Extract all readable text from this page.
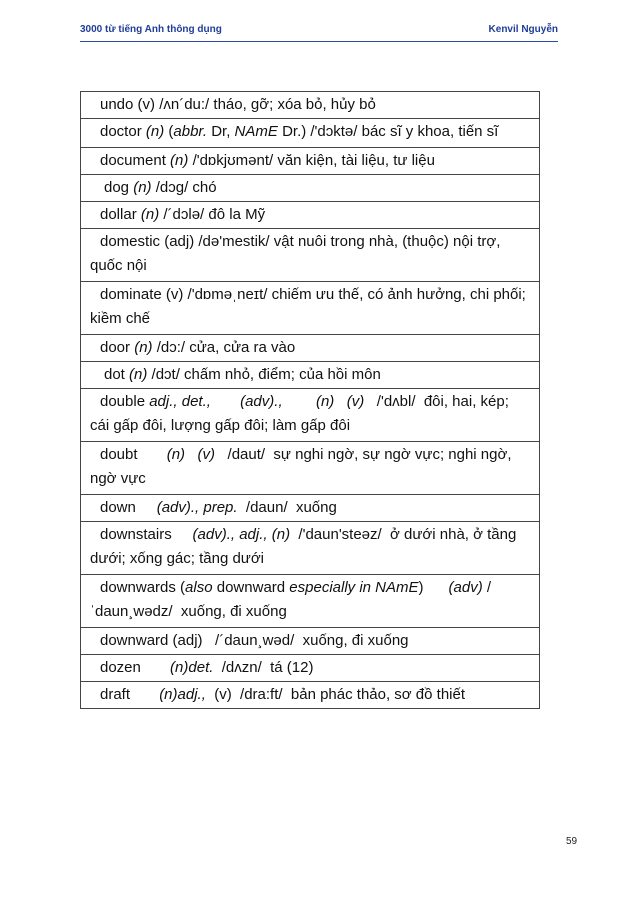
3000 từ tiếng Anh thông dụng	Kenvil Nguyễn
undo (v) /ʌn´du:/ tháo, gỡ; xóa bỏ, hủy bỏ
doctor (n) (abbr. Dr, NAmE Dr.) /'dɔktə/ bác sĩ y khoa, tiến sĩ
document (n) /'dɒkjʊmənt/ văn kiện, tài liệu, tư liệu
dog (n) /dɔg/ chó
dollar (n) /´dɔlə/ đô la Mỹ
domestic (adj) /də'mestik/ vật nuôi trong nhà, (thuộc) nội trợ, quốc nội
dominate (v) /'dɒməˌneɪt/ chiếm ưu thế, có ảnh hưởng, chi phối; kiềm chế
door (n) /dɔ:/ cửa, cửa ra vào
dot (n) /dɔt/ chấm nhỏ, điểm; của hồi môn
double adj., det.,       (adv).,        (n)   (v)   /'dʌbl/  đôi, hai, kép; cái gấp đôi, lượng gấp đôi; làm gấp đôi
doubt       (n)   (v)   /daut/  sự nghi ngờ, sự ngờ vực; nghi ngờ, ngờ vực
down     (adv)., prep.  /daun/  xuống
downstairs     (adv)., adj., (n)  /'daun'steəz/  ở dưới nhà, ở tầng dưới; xống gác; tầng dưới
downwards (also downward especially in NAmE)      (adv) /ˈdaun¸wədz/  xuống, đi xuống
downward (adj)   /´daun¸wəd/  xuống, đi xuống
dozen       (n)det.  /dʌzn/  tá (12)
draft       (n)adj.,  (v)  /dra:ft/  bản phác thảo, sơ đồ thiết
59
